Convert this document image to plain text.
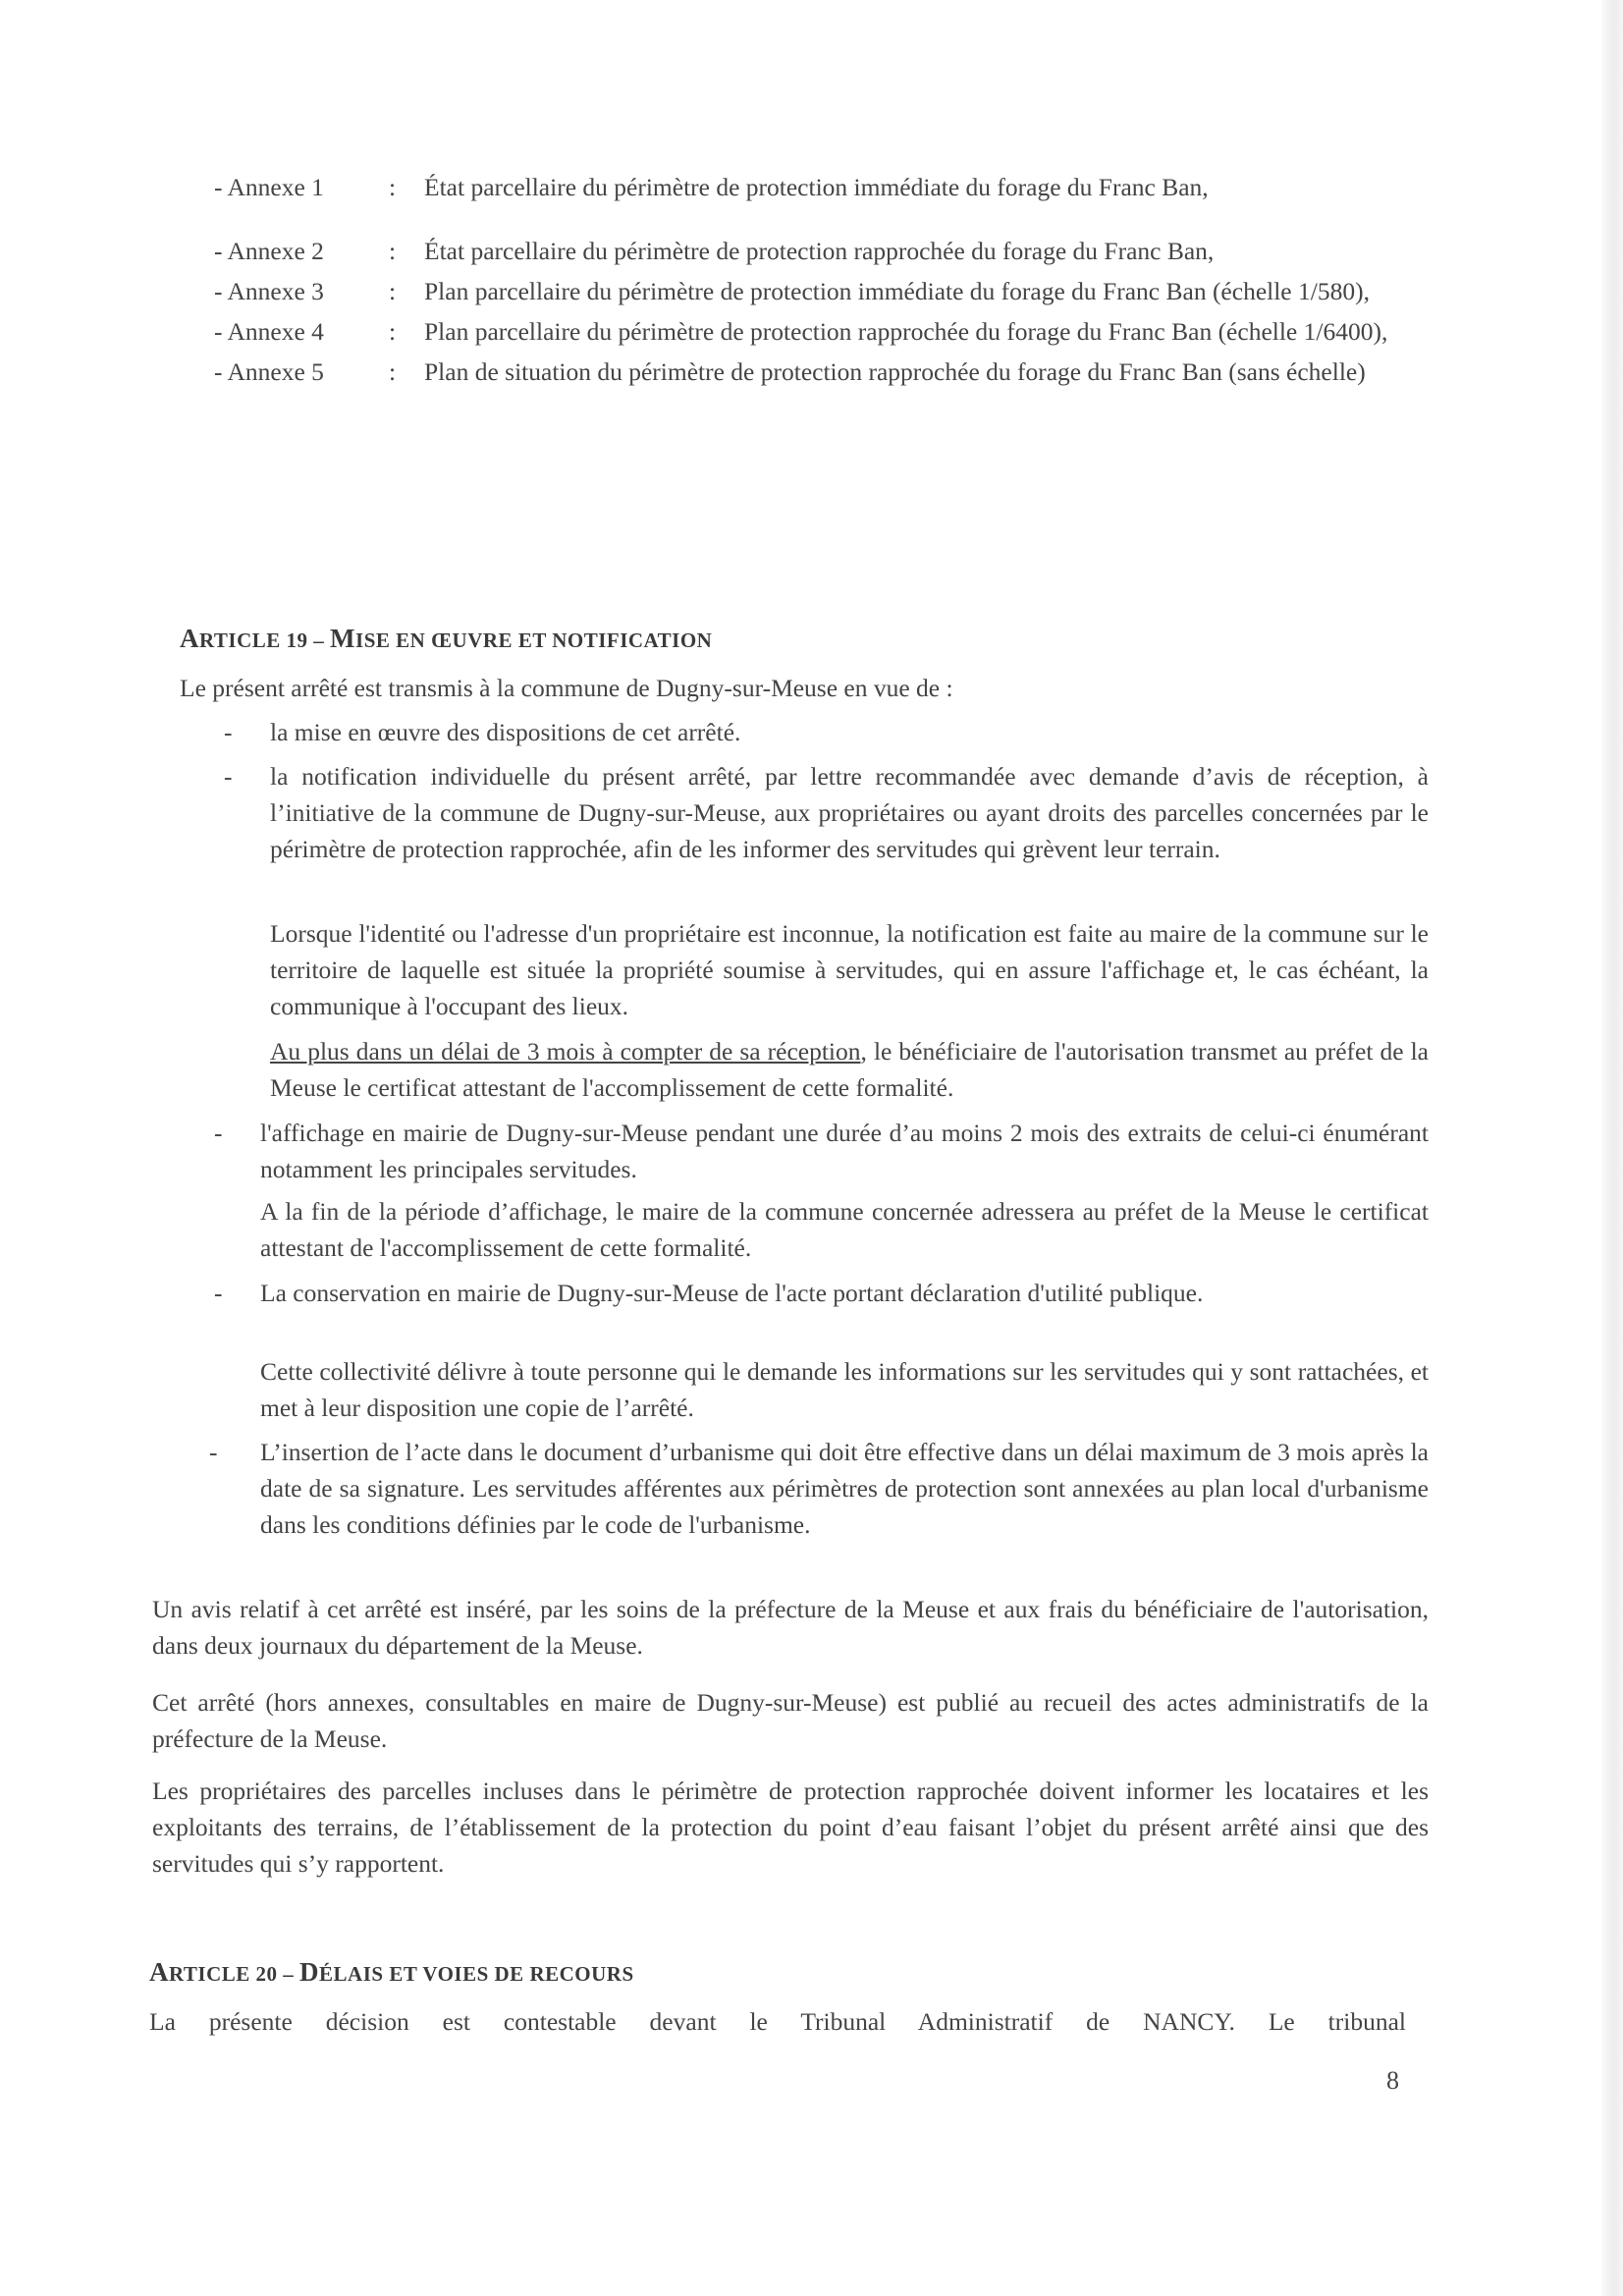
- Annexe 1	:	État parcellaire du périmètre de protection immédiate du forage du Franc Ban,
- Annexe 2	:	État parcellaire du périmètre de protection rapprochée du forage du Franc Ban,
- Annexe 3	:	Plan parcellaire du périmètre de protection immédiate du forage du Franc Ban (échelle 1/580),
- Annexe 4	:	Plan parcellaire du périmètre de protection rapprochée du forage du Franc Ban (échelle 1/6400),
- Annexe 5	:	Plan de situation du périmètre de protection rapprochée du forage du Franc Ban (sans échelle)
ARTICLE 19 – MISE EN ŒUVRE ET NOTIFICATION

Le présent arrêté est transmis à la commune de Dugny-sur-Meuse en vue de :

- la mise en œuvre des dispositions de cet arrêté.

- la notification individuelle du présent arrêté, par lettre recommandée avec demande d’avis de réception, à l’initiative de la commune de Dugny-sur-Meuse, aux propriétaires ou ayant droits des parcelles concernées par le périmètre de protection rapprochée, afin de les informer des servitudes qui grèvent leur terrain.

Lorsque l'identité ou l'adresse d'un propriétaire est inconnue, la notification est faite au maire de la commune sur le territoire de laquelle est située la propriété soumise à servitudes, qui en assure l'affichage et, le cas échéant, la communique à l'occupant des lieux.

Au plus dans un délai de 3 mois à compter de sa réception, le bénéficiaire de l'autorisation transmet au préfet de la Meuse le certificat attestant de l'accomplissement de cette formalité.

- l'affichage en mairie de Dugny-sur-Meuse pendant une durée d’au moins 2 mois des extraits de celui-ci énumérant notamment les principales servitudes.

A la fin de la période d’affichage, le maire de la commune concernée adressera au préfet de la Meuse le certificat attestant de l'accomplissement de cette formalité.

- La conservation en mairie de Dugny-sur-Meuse de l'acte portant déclaration d'utilité publique.

Cette collectivité délivre à toute personne qui le demande les informations sur les servitudes qui y sont rattachées, et met à leur disposition une copie de l’arrêté.

- L’insertion de l’acte dans le document d’urbanisme qui doit être effective dans un délai maximum de 3 mois après la date de sa signature. Les servitudes afférentes aux périmètres de protection sont annexées au plan local d'urbanisme dans les conditions définies par le code de l'urbanisme.

Un avis relatif à cet arrêté est inséré, par les soins de la préfecture de la Meuse et aux frais du bénéficiaire de l'autorisation, dans deux journaux du département de la Meuse.

Cet arrêté (hors annexes, consultables en maire de Dugny-sur-Meuse) est publié au recueil des actes administratifs de la préfecture de la Meuse.

Les propriétaires des parcelles incluses dans le périmètre de protection rapprochée doivent informer les locataires et les exploitants des terrains, de l’établissement de la protection du point d’eau faisant l’objet du présent arrêté ainsi que des servitudes qui s’y rapportent.

ARTICLE 20 – DÉLAIS ET VOIES DE RECOURS

La présente décision est contestable devant le Tribunal Administratif de NANCY. Le tribunal

8
